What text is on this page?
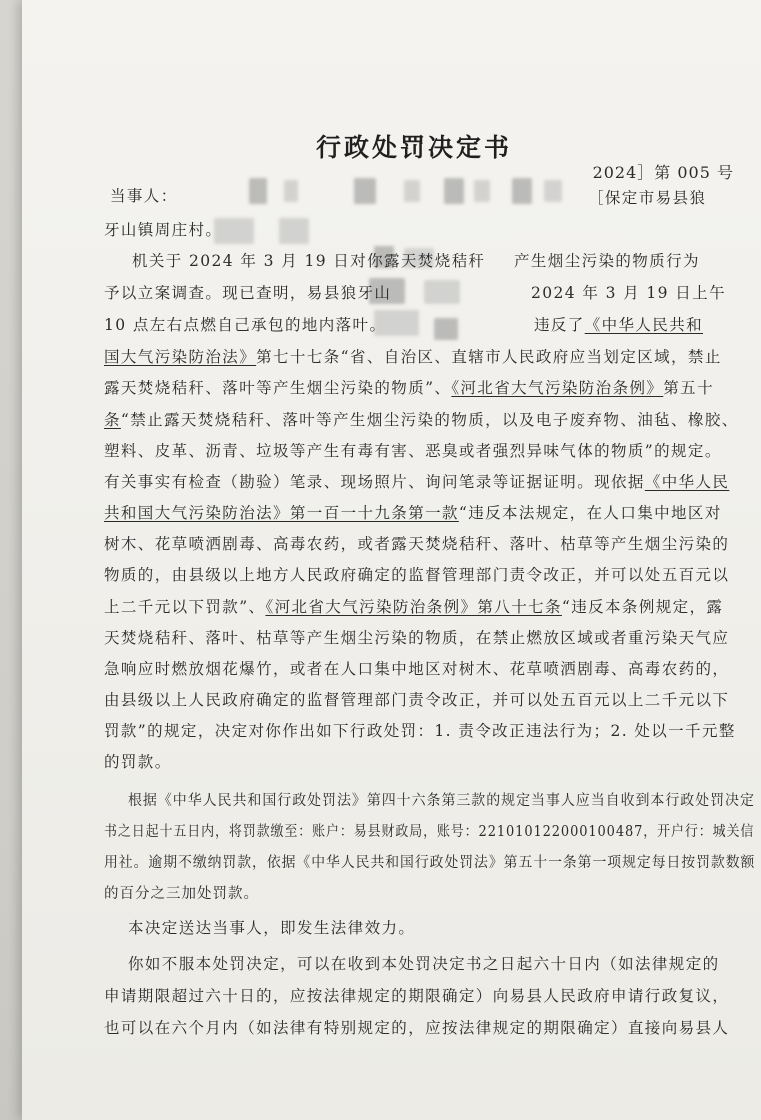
行政处罚决定书
2024］第 005 号
当事人：	［保定市易县狼
牙山镇周庄村。
机关于 2024 年 3 月 19 日对你露天焚烧秸秆	产生烟尘污染的物质行为
予以立案调查。现已查明，易县狼牙山	2024 年 3 月 19 日上午
10 点左右点燃自己承包的地内落叶。	违反了《中华人民共和
国大气污染防治法》第七十七条“省、自治区、直辖市人民政府应当划定区域，禁止
露天焚烧秸秆、落叶等产生烟尘污染的物质”、《河北省大气污染防治条例》第五十
条“禁止露天焚烧秸秆、落叶等产生烟尘污染的物质，以及电子废弃物、油毡、橡胶、
塑料、皮革、沥青、垃圾等产生有毒有害、恶臭或者强烈异味气体的物质”的规定。
有关事实有检查（勘验）笔录、现场照片、询问笔录等证据证明。现依据《中华人民
共和国大气污染防治法》第一百一十九条第一款“违反本法规定，在人口集中地区对
树木、花草喷洒剧毒、高毒农药，或者露天焚烧秸秆、落叶、枯草等产生烟尘污染的
物质的，由县级以上地方人民政府确定的监督管理部门责令改正，并可以处五百元以
上二千元以下罚款”、《河北省大气污染防治条例》第八十七条“违反本条例规定，露
天焚烧秸秆、落叶、枯草等产生烟尘污染的物质，在禁止燃放区域或者重污染天气应
急响应时燃放烟花爆竹，或者在人口集中地区对树木、花草喷洒剧毒、高毒农药的，
由县级以上人民政府确定的监督管理部门责令改正，并可以处五百元以上二千元以下
罚款”的规定，决定对你作出如下行政处罚：1. 责令改正违法行为；2. 处以一千元整
的罚款。
根据《中华人民共和国行政处罚法》第四十六条第三款的规定当事人应当自收到本行政处罚决定
书之日起十五日内，将罚款缴至：账户：易县财政局，账号：221010122000100487，开户行：城关信
用社。逾期不缴纳罚款，依据《中华人民共和国行政处罚法》第五十一条第一项规定每日按罚款数额
的百分之三加处罚款。
本决定送达当事人，即发生法律效力。
你如不服本处罚决定，可以在收到本处罚决定书之日起六十日内（如法律规定的
申请期限超过六十日的，应按法律规定的期限确定）向易县人民政府申请行政复议，
也可以在六个月内（如法律有特别规定的，应按法律规定的期限确定）直接向易县人
